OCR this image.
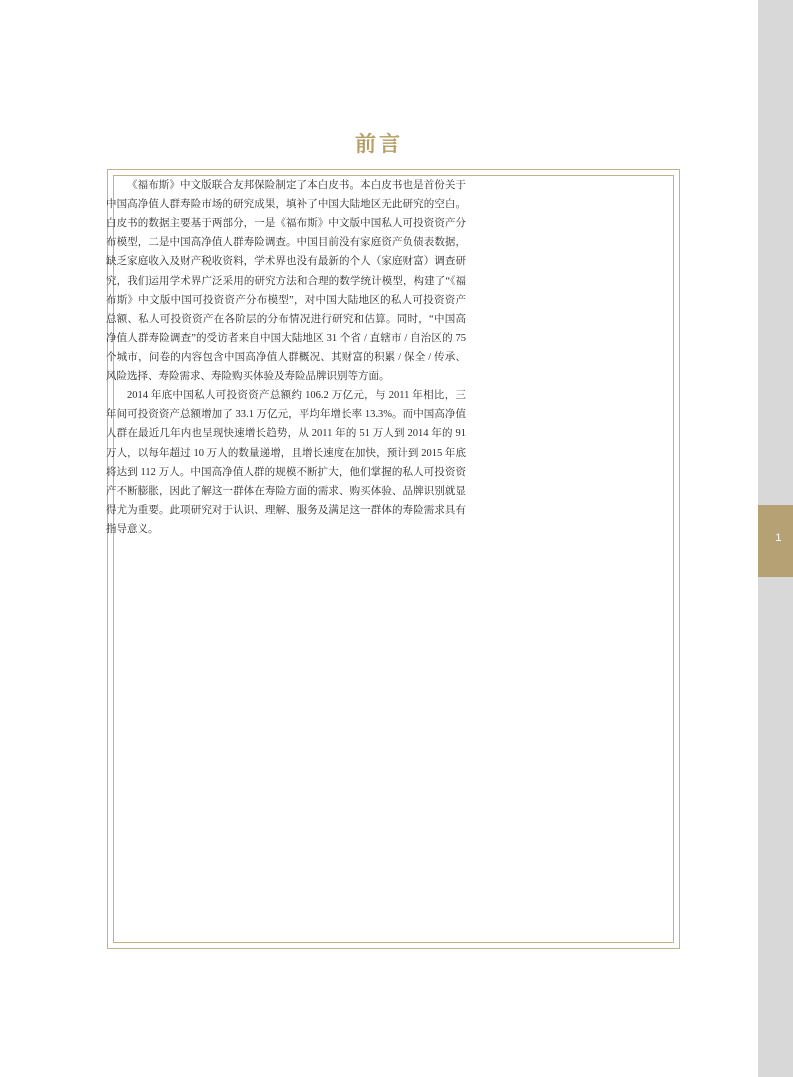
前言

《福布斯》中文版联合友邦保险制定了本白皮书。本白皮书也是首份关于中国高净值人群寿险市场的研究成果，填补了中国大陆地区无此研究的空白。白皮书的数据主要基于两部分，一是《福布斯》中文版中国私人可投资资产分布模型，二是中国高净值人群寿险调查。中国目前没有家庭资产负债表数据，缺乏家庭收入及财产税收资料，学术界也没有最新的个人（家庭财富）调查研究，我们运用学术界广泛采用的研究方法和合理的数学统计模型，构建了“《福布斯》中文版中国可投资资产分布模型”，对中国大陆地区的私人可投资资产总额、私人可投资资产在各阶层的分布情况进行研究和估算。同时，“中国高净值人群寿险调查”的受访者来自中国大陆地区 31 个省 / 直辖市 / 自治区的 75 个城市，问卷的内容包含中国高净值人群概况、其财富的积累 / 保全 / 传承、风险选择、寿险需求、寿险购买体验及寿险品牌识别等方面。

2014 年底中国私人可投资资产总额约 106.2 万亿元，与 2011 年相比，三年间可投资资产总额增加了 33.1 万亿元，平均年增长率 13.3%。而中国高净值人群在最近几年内也呈现快速增长趋势，从 2011 年的 51 万人到 2014 年的 91 万人，以每年超过 10 万人的数量递增，且增长速度在加快，预计到 2015 年底将达到 112 万人。中国高净值人群的规模不断扩大，他们掌握的私人可投资资产不断膨胀，因此了解这一群体在寿险方面的需求、购买体验、品牌识别就显得尤为重要。此项研究对于认识、理解、服务及满足这一群体的寿险需求具有指导意义。

1
